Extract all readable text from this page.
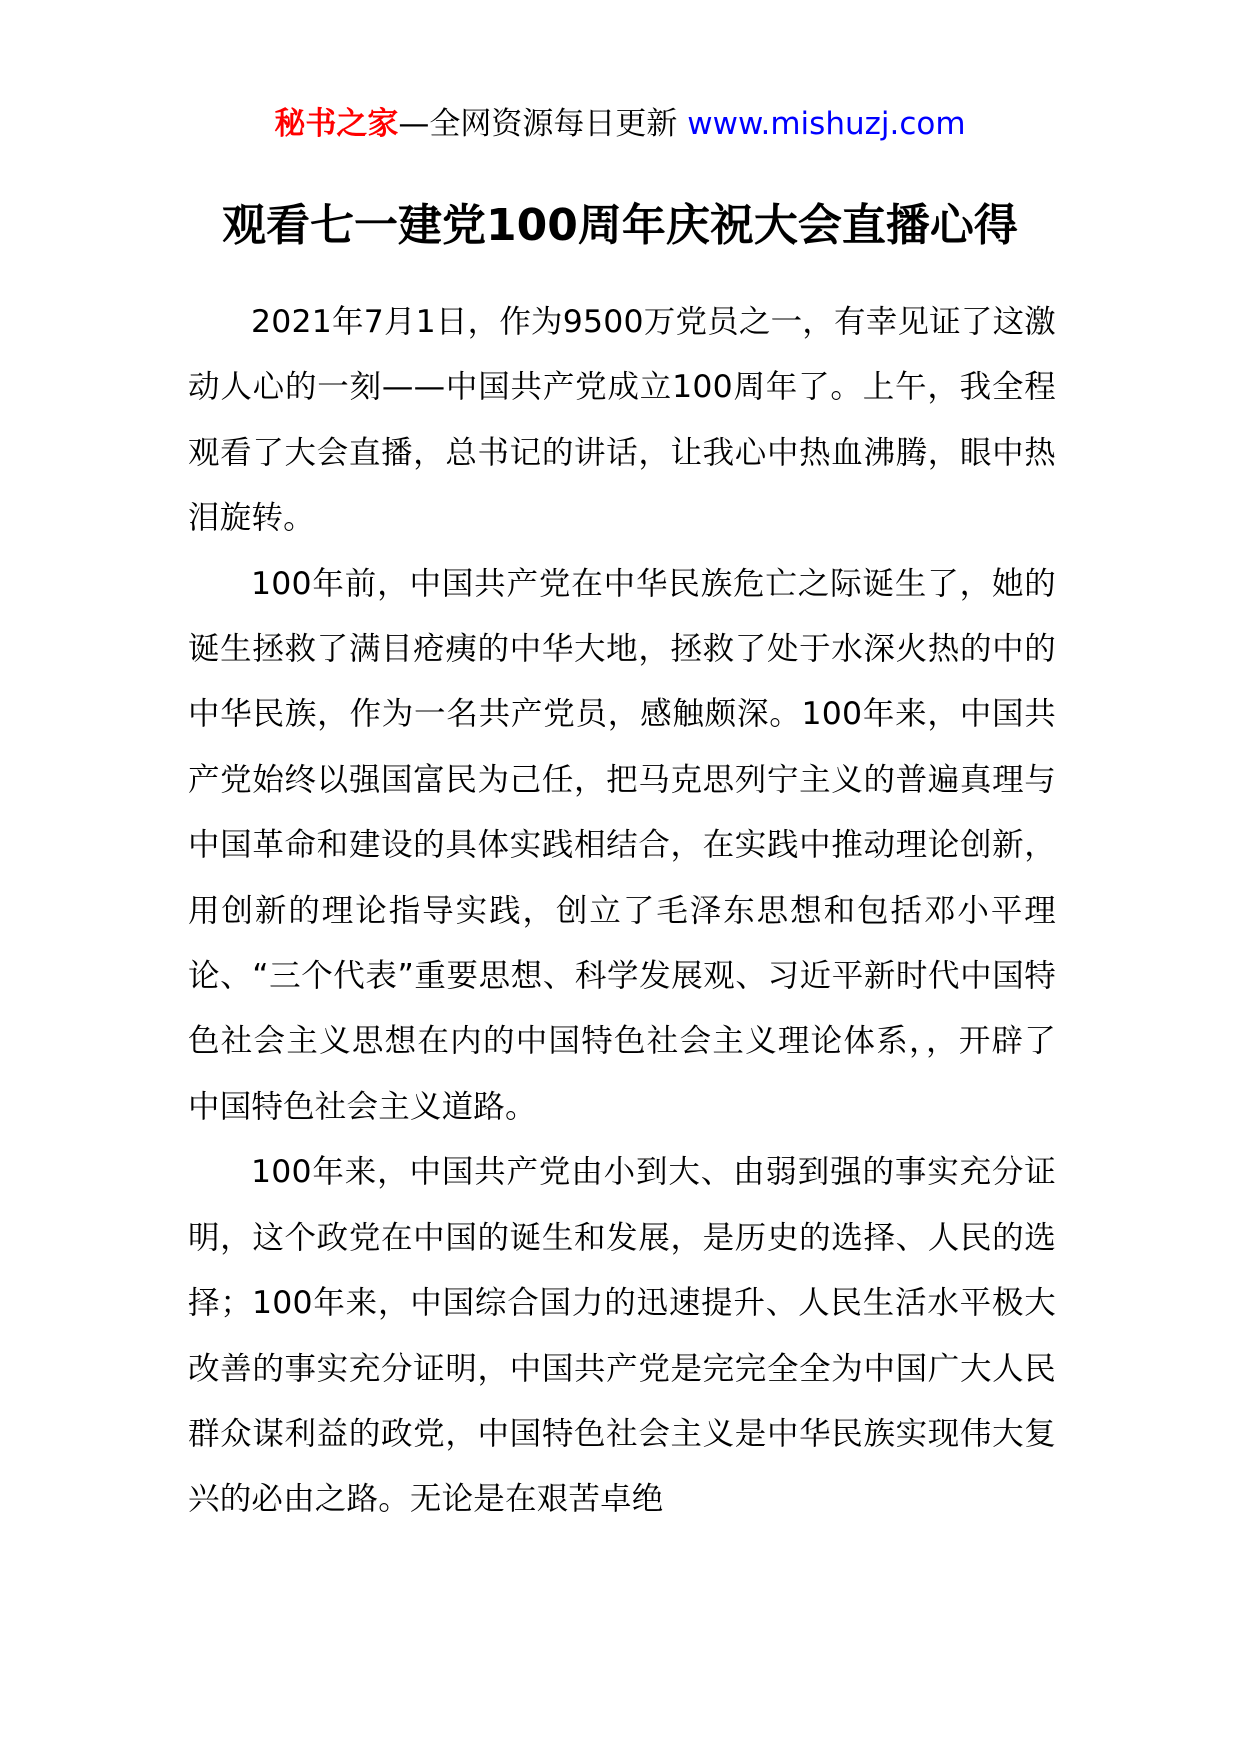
秘书之家—全网资源每日更新 www.mishuzj.com
观看七一建党100周年庆祝大会直播心得

2021年7月1日，作为9500万党员之一，有幸见证了这激动人心的一刻——中国共产党成立100周年了。上午，我全程观看了大会直播，总书记的讲话，让我心中热血沸腾，眼中热泪旋转。

100年前，中国共产党在中华民族危亡之际诞生了，她的诞生拯救了满目疮痍的中华大地，拯救了处于水深火热的中的中华民族，作为一名共产党员，感触颇深。100年来，中国共产党始终以强国富民为己任，把马克思列宁主义的普遍真理与中国革命和建设的具体实践相结合，在实践中推动理论创新，用创新的理论指导实践，创立了毛泽东思想和包括邓小平理论、“三个代表”重要思想、科学发展观、习近平新时代中国特色社会主义思想在内的中国特色社会主义理论体系，，开辟了中国特色社会主义道路。

100年来，中国共产党由小到大、由弱到强的事实充分证明，这个政党在中国的诞生和发展，是历史的选择、人民的选择；100年来，中国综合国力的迅速提升、人民生活水平极大改善的事实充分证明，中国共产党是完完全全为中国广大人民群众谋利益的政党，中国特色社会主义是中华民族实现伟大复兴的必由之路。无论是在艰苦卓绝
